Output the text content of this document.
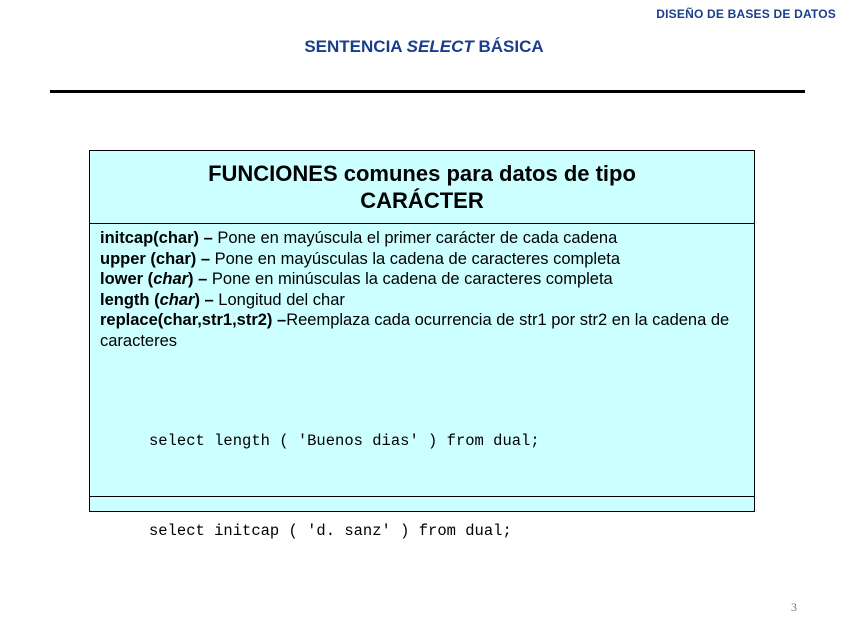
DISEÑO DE BASES DE DATOS
SENTENCIA SELECT BÁSICA
FUNCIONES comunes para datos de tipo
CARÁCTER
initcap(char) – Pone en mayúscula el primer carácter de cada cadena
upper (char) – Pone en mayúsculas la cadena de caracteres completa
lower (char) – Pone en minúsculas la cadena de caracteres completa
length (char) – Longitud del char
replace(char,str1,str2) –Reemplaza cada ocurrencia de str1 por str2 en la cadena de caracteres

select length ( 'Buenos dias' ) from dual;

select initcap ( 'd. sanz' ) from dual;

3
